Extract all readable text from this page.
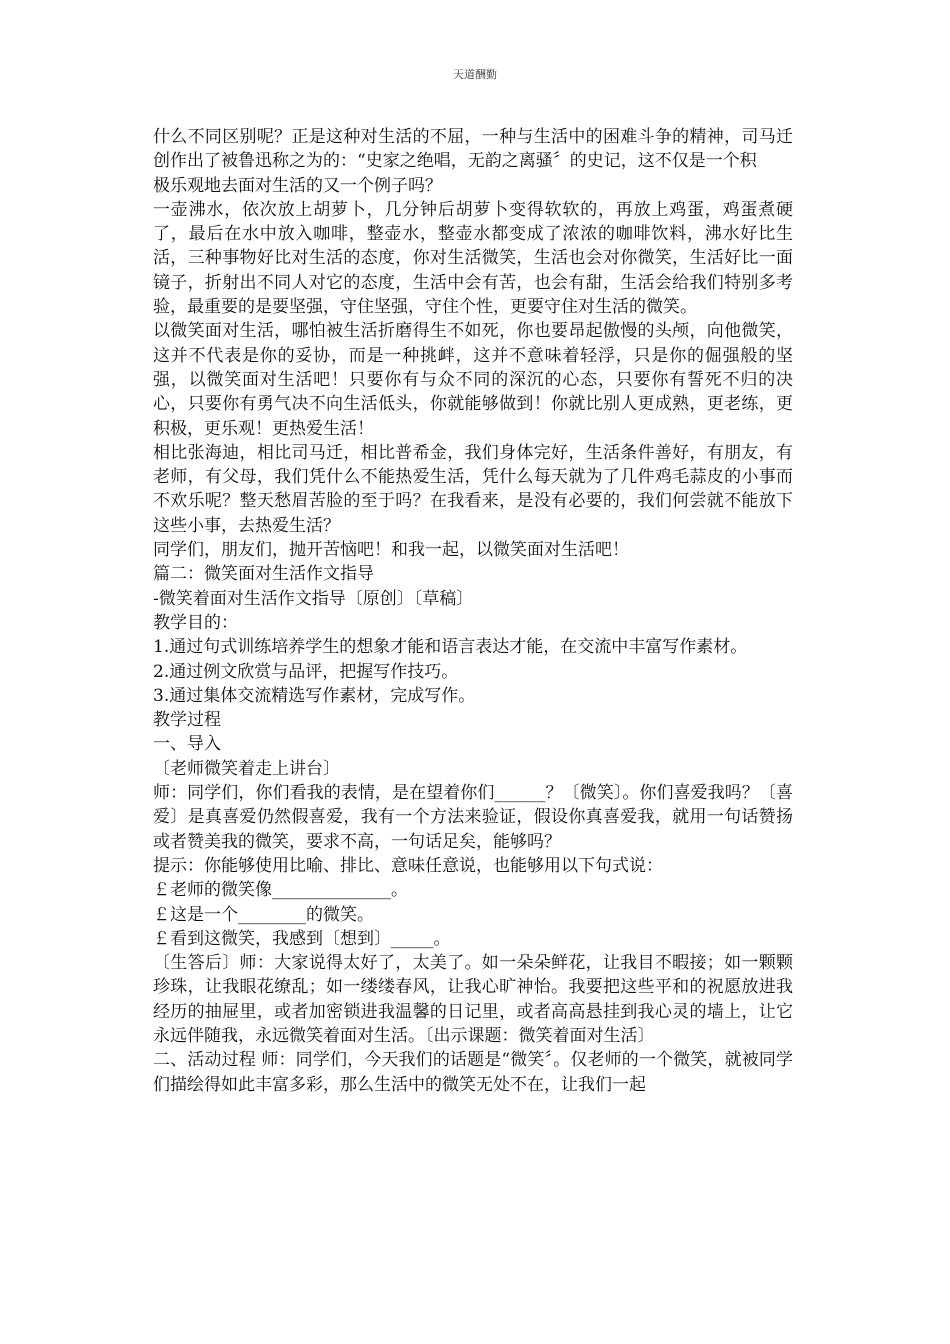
天道酬勤

什么不同区别呢？正是这种对生活的不屈，一种与生活中的困难斗争的精神，司马迁创作出了被鲁迅称之为的：“史家之绝唱，无韵之离骚〞的史记，这不仅是一个积

极乐观地去面对生活的又一个例子吗？

一壶沸水，依次放上胡萝卜，几分钟后胡萝卜变得软软的，再放上鸡蛋，鸡蛋煮硬了，最后在水中放入咖啡，整壶水，整壶水都变成了浓浓的咖啡饮料，沸水好比生活，三种事物好比对生活的态度，你对生活微笑，生活也会对你微笑，生活好比一面镜子，折射出不同人对它的态度，生活中会有苦，也会有甜，生活会给我们特别多考验，最重要的是要坚强，守住坚强，守住个性，更要守住对生活的微笑。

以微笑面对生活，哪怕被生活折磨得生不如死，你也要昂起傲慢的头颅，向他微笑，这并不代表是你的妥协，而是一种挑衅，这并不意味着轻浮，只是你的倔强般的坚强，以微笑面对生活吧！只要你有与众不同的深沉的心态，只要你有誓死不归的决心，只要你有勇气决不向生活低头，你就能够做到！你就比别人更成熟，更老练，更积极，更乐观！更热爱生活！

相比张海迪，相比司马迁，相比普希金，我们身体完好，生活条件善好，有朋友，有老师，有父母，我们凭什么不能热爱生活，凭什么每天就为了几件鸡毛蒜皮的小事而不欢乐呢？整天愁眉苦脸的至于吗？在我看来，是没有必要的，我们何尝就不能放下这些小事，去热爱生活？

同学们，朋友们，抛开苦恼吧！和我一起，以微笑面对生活吧！

篇二：微笑面对生活作文指导

-微笑着面对生活作文指导〔原创〕〔草稿〕

教学目的：

1.通过句式训练培养学生的想象才能和语言表达才能，在交流中丰富写作素材。

2.通过例文欣赏与品评，把握写作技巧。

3.通过集体交流精选写作素材，完成写作。

教学过程

一、导入

〔老师微笑着走上讲台〕

师：同学们，你们看我的表情，是在望着你们______？〔微笑〕。你们喜爱我吗？〔喜爱〕是真喜爱仍然假喜爱，我有一个方法来验证，假设你真喜爱我，就用一句话赞扬或者赞美我的微笑，要求不高，一句话足矣，能够吗？

提示：你能够使用比喻、排比、意味任意说，也能够用以下句式说：

￡老师的微笑像______________。

￡这是一个________的微笑。

￡看到这微笑，我感到〔想到〕_____。

〔生答后〕师：大家说得太好了，太美了。如一朵朵鲜花，让我目不暇接；如一颗颗珍珠，让我眼花缭乱；如一缕缕春风，让我心旷神怡。我要把这些平和的祝愿放进我经历的抽屉里，或者加密锁进我温馨的日记里，或者高高悬挂到我心灵的墙上，让它永远伴随我，永远微笑着面对生活。〔出示课题：微笑着面对生活〕

二、活动过程 师：同学们，今天我们的话题是“微笑〞。仅老师的一个微笑，就被同学们描绘得如此丰富多彩，那么生活中的微笑无处不在，让我们一起
